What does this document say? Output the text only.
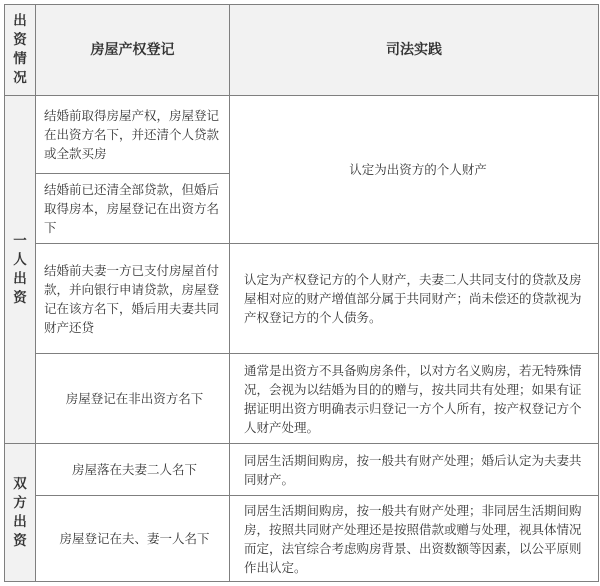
出资情况	房屋产权登记	司法实践

一人出资	结婚前取得房屋产权，房屋登记在出资方名下，并还清个人贷款或全款买房	认定为出资方的个人财产
	结婚前已还清全部贷款，但婚后取得房本，房屋登记在出资方名下	
	结婚前夫妻一方已支付房屋首付款，并向银行申请贷款，房屋登记在该方名下，婚后用夫妻共同财产还贷	认定为产权登记方的个人财产，夫妻二人共同支付的贷款及房屋相对应的财产增值部分属于共同财产；尚未偿还的贷款视为产权登记方的个人债务。
	房屋登记在非出资方名下	通常是出资方不具备购房条件，以对方名义购房，若无特殊情况，会视为以结婚为目的的赠与，按共同共有处理；如果有证据证明出资方明确表示归登记一方个人所有，按产权登记方个人财产处理。

双方出资	房屋落在夫妻二人名下	同居生活期间购房，按一般共有财产处理；婚后认定为夫妻共同财产。
	房屋登记在夫、妻一人名下	同居生活期间购房，按一般共有财产处理；非同居生活期间购房，按照共同财产处理还是按照借款或赠与处理，视具体情况而定，法官综合考虑购房背景、出资数额等因素，以公平原则作出认定。
